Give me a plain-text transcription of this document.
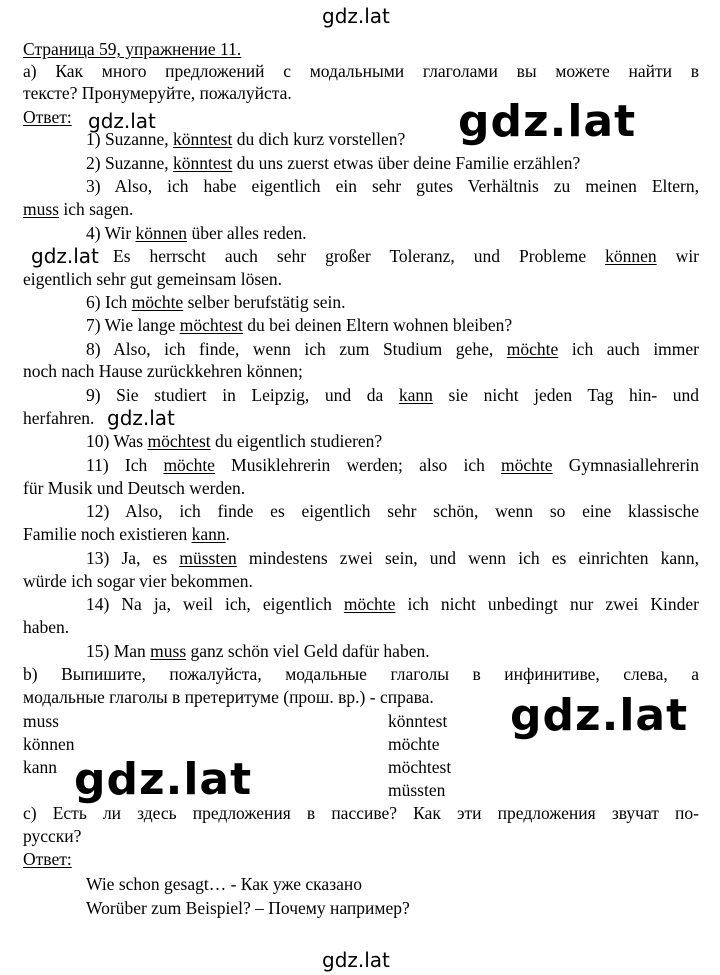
gdz.lat
gdz.lat
gdz.lat
gdz.lat
gdz.lat
gdz.lat
gdz.lat
gdz.lat
Страница 59, упражнение 11.
a) Как много предложений с модальными глаголами вы можете найти в
тексте? Пронумеруйте, пожалуйста.
Ответ:
1) Suzanne, könntest du dich kurz vorstellen?
2) Suzanne, könntest du uns zuerst etwas über deine Familie erzählen?
3) Also, ich habe eigentlich ein sehr gutes Verhältnis zu meinen Eltern,
muss ich sagen.
4) Wir können über alles reden.
Es herrscht auch sehr großer Toleranz, und Probleme können wir
eigentlich sehr gut gemeinsam lösen.
6) Ich möchte selber berufstätig sein.
7) Wie lange möchtest du bei deinen Eltern wohnen bleiben?
8) Also, ich finde, wenn ich zum Studium gehe, möchte ich auch immer
noch nach Hause zurückkehren können;
9) Sie studiert in Leipzig, und da kann sie nicht jeden Tag hin- und
herfahren.
10) Was möchtest du eigentlich studieren?
11) Ich möchte Musiklehrerin werden; also ich möchte Gymnasiallehrerin
für Musik und Deutsch werden.
12) Also, ich finde es eigentlich sehr schön, wenn so eine klassische
Familie noch existieren kann.
13) Ja, es müssten mindestens zwei sein, und wenn ich es einrichten kann,
würde ich sogar vier bekommen.
14) Na ja, weil ich, eigentlich möchte ich nicht unbedingt nur zwei Kinder
haben.
15) Man muss ganz schön viel Geld dafür haben.
b) Выпишите, пожалуйста, модальные глаголы в инфинитиве, слева, а
модальные глаголы в претеритуме (прош. вр.) - справа.
muss
können
kann
könntest
möchte
möchtest
müssten
c) Есть ли здесь предложения в пассиве? Как эти предложения звучат по-
русски?
Ответ:
Wie schon gesagt… - Как уже сказано
Worüber zum Beispiel? – Почему например?
